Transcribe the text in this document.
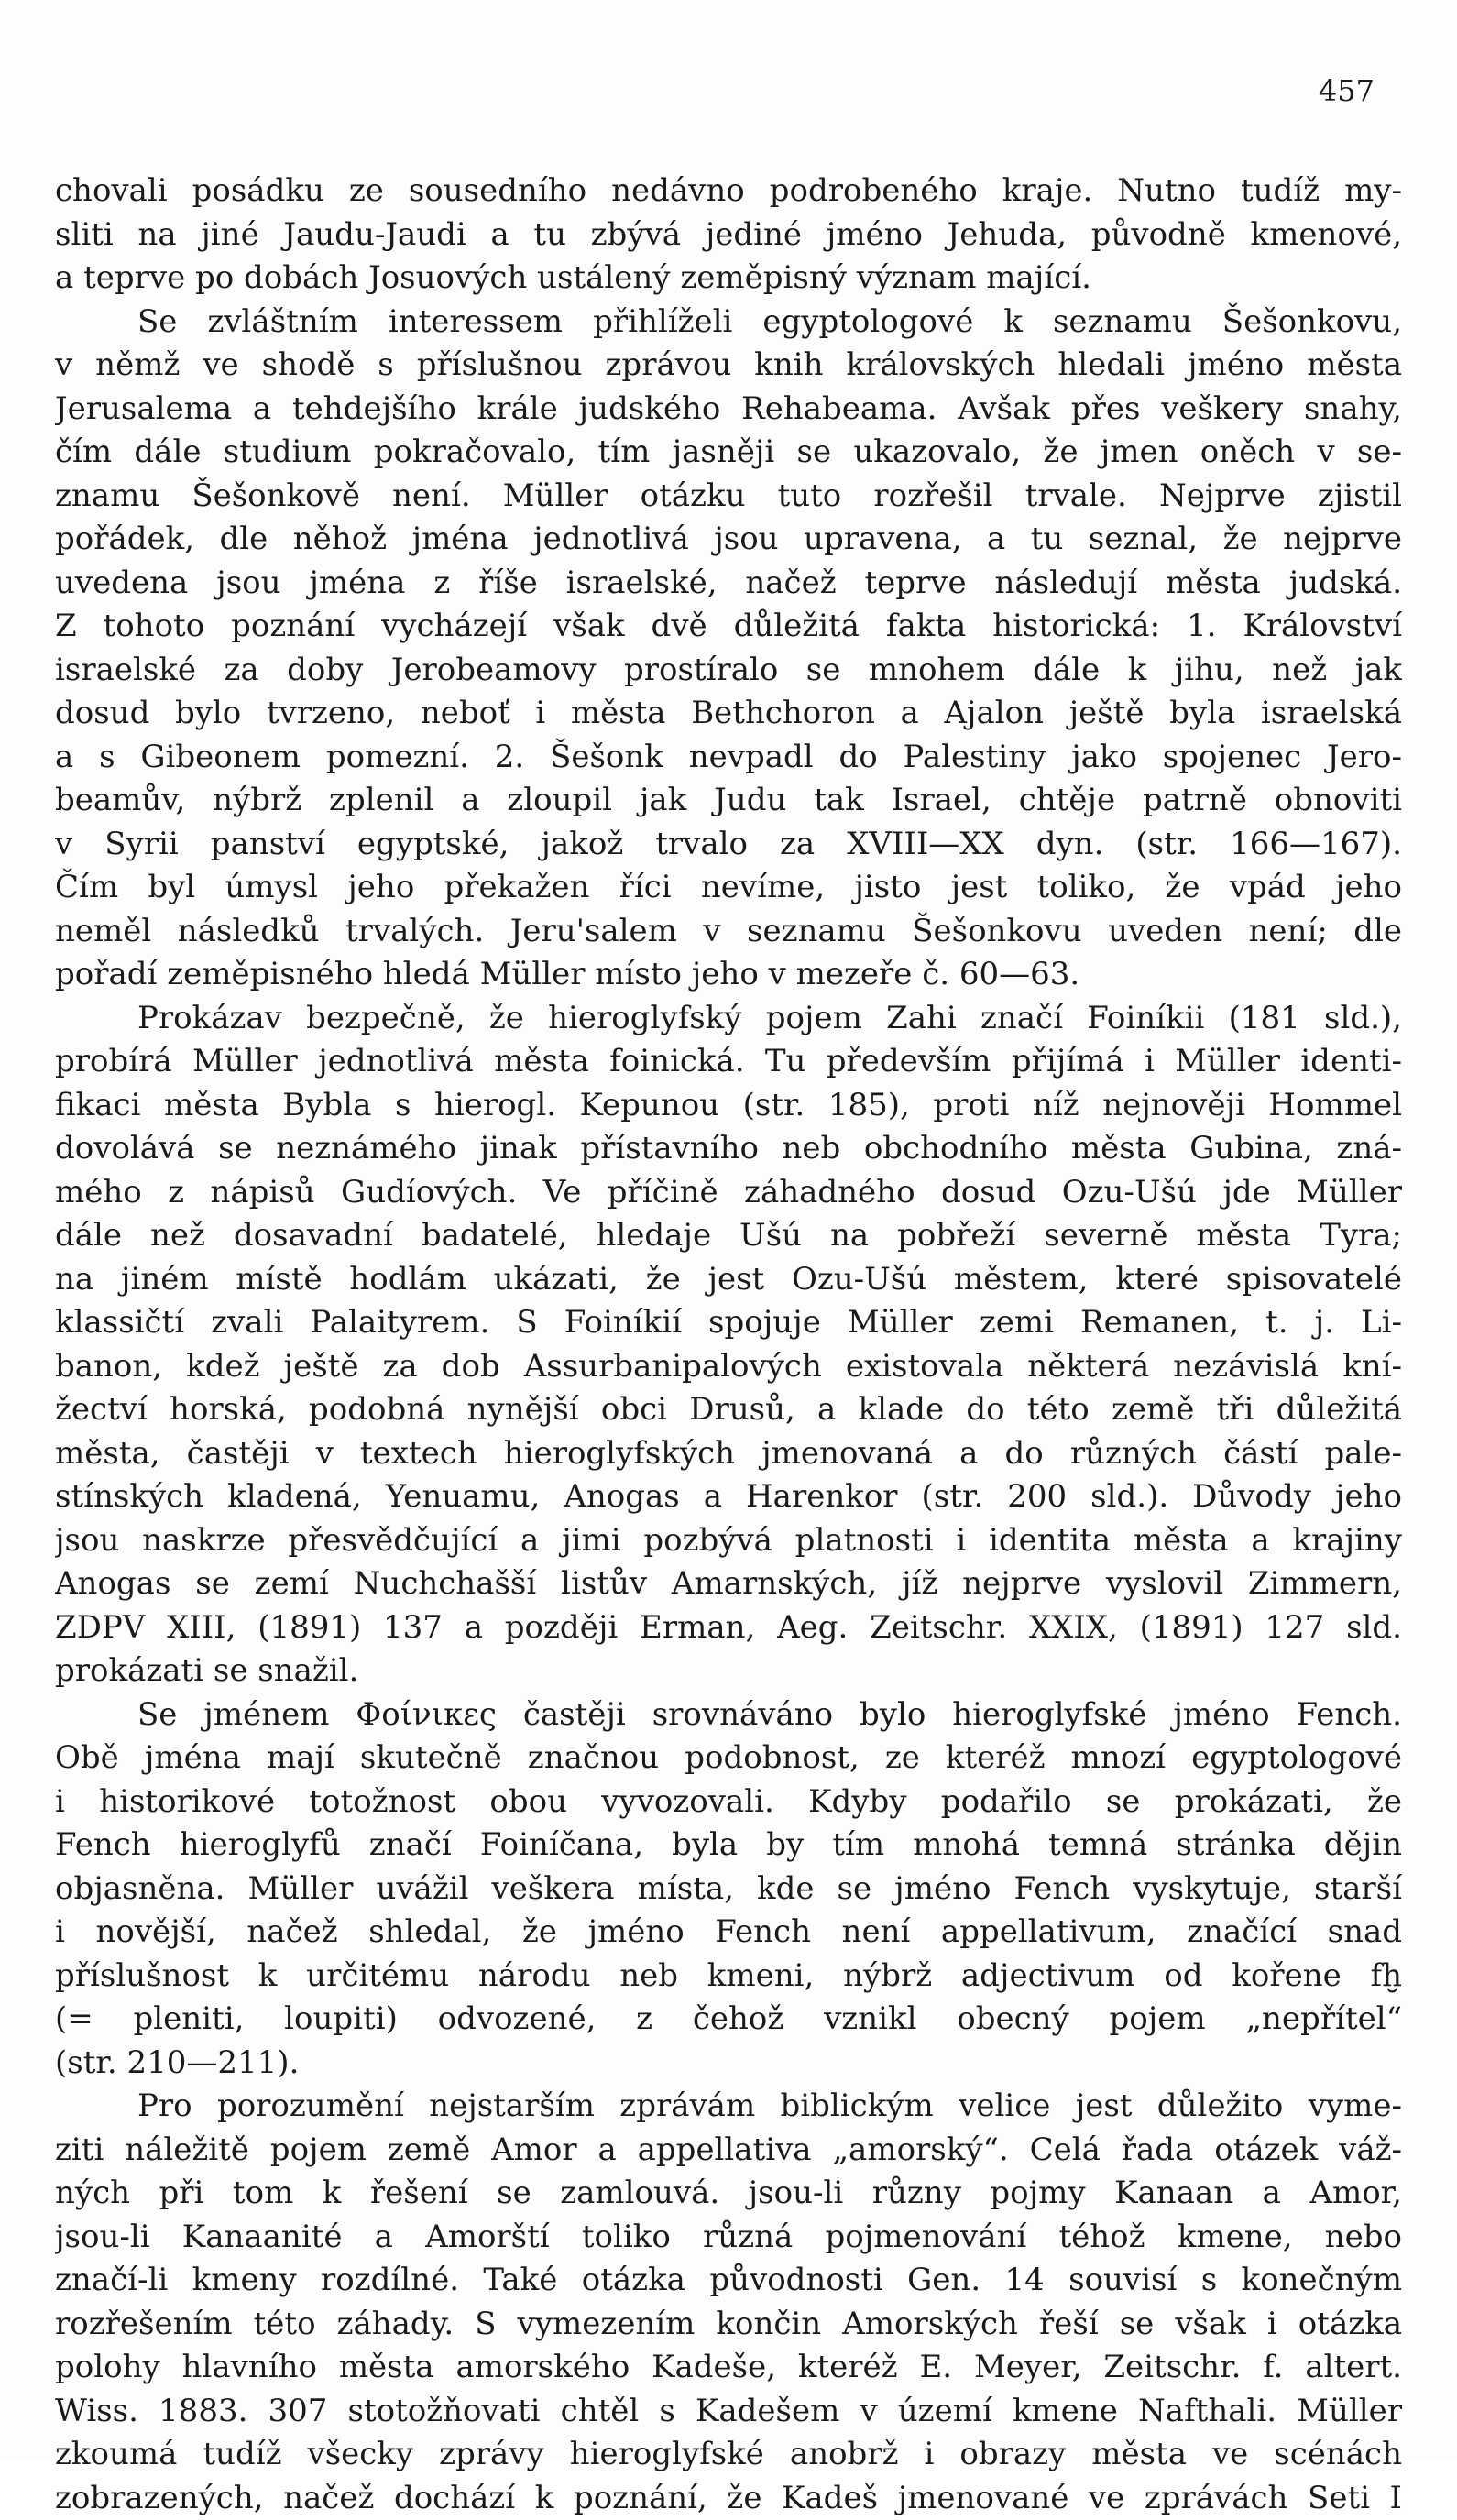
457
chovali posádku ze sousedního nedávno podrobeného kraje. Nutno tudíž my-
sliti na jiné Jaudu-Jaudi a tu zbývá jediné jméno Jehuda, původně kmenové,
a teprve po dobách Josuových ustálený zeměpisný význam mající.
Se zvláštním interessem přihlíželi egyptologové k seznamu Šešonkovu,
v němž ve shodě s příslušnou zprávou knih královských hledali jméno města
Jerusalema a tehdejšího krále judského Rehabeama. Avšak přes veškery snahy,
čím dále studium pokračovalo, tím jasněji se ukazovalo, že jmen oněch v se-
znamu Šešonkově není. Müller otázku tuto rozřešil trvale. Nejprve zjistil
pořádek, dle něhož jména jednotlivá jsou upravena, a tu seznal, že nejprve
uvedena jsou jména z říše israelské, načež teprve následují města judská.
Z tohoto poznání vycházejí však dvě důležitá fakta historická: 1. Království
israelské za doby Jerobeamovy prostíralo se mnohem dále k jihu, než jak
dosud bylo tvrzeno, neboť i města Bethchoron a Ajalon ještě byla israelská
a s Gibeonem pomezní. 2. Šešonk nevpadl do Palestiny jako spojenec Jero-
beamův, nýbrž zplenil a zloupil jak Judu tak Israel, chtěje patrně obnoviti
v Syrii panství egyptské, jakož trvalo za XVIII—XX dyn. (str. 166—167).
Čím byl úmysl jeho překažen říci nevíme, jisto jest toliko, že vpád jeho
neměl následků trvalých. Jeru'salem v seznamu Šešonkovu uveden není; dle
pořadí zeměpisného hledá Müller místo jeho v mezeře č. 60—63.
Prokázav bezpečně, že hieroglyfský pojem Zahi značí Foiníkii (181 sld.),
probírá Müller jednotlivá města foinická. Tu především přijímá i Müller identi-
fikaci města Bybla s hierogl. Kepunou (str. 185), proti níž nejnověji Hommel
dovolává se neznámého jinak přístavního neb obchodního města Gubina, zná-
mého z nápisů Gudíových. Ve příčině záhadného dosud Ozu-Ušú jde Müller
dále než dosavadní badatelé, hledaje Ušú na pobřeží severně města Tyra;
na jiném místě hodlám ukázati, že jest Ozu-Ušú městem, které spisovatelé
klassičtí zvali Palaityrem. S Foiníkií spojuje Müller zemi Remanen, t. j. Li-
banon, kdež ještě za dob Assurbanipalových existovala některá nezávislá kní-
žectví horská, podobná nynější obci Drusů, a klade do této země tři důležitá
města, častěji v textech hieroglyfských jmenovaná a do různých částí pale-
stínských kladená, Yenuamu, Anogas a Harenkor (str. 200 sld.). Důvody jeho
jsou naskrze přesvědčující a jimi pozbývá platnosti i identita města a krajiny
Anogas se zemí Nuchchašší listův Amarnských, jíž nejprve vyslovil Zimmern,
ZDPV XIII, (1891) 137 a později Erman, Aeg. Zeitschr. XXIX, (1891) 127 sld.
prokázati se snažil.
Se jménem Φοίνικες častěji srovnáváno bylo hieroglyfské jméno Fench.
Obě jména mají skutečně značnou podobnost, ze kteréž mnozí egyptologové
i historikové totožnost obou vyvozovali. Kdyby podařilo se prokázati, že
Fench hieroglyfů značí Foiníčana, byla by tím mnohá temná stránka dějin
objasněna. Müller uvážil veškera místa, kde se jméno Fench vyskytuje, starší
i novější, načež shledal, že jméno Fench není appellativum, značící snad
příslušnost k určitému národu neb kmeni, nýbrž adjectivum od kořene fḫ
(= pleniti, loupiti) odvozené, z čehož vznikl obecný pojem „nepřítel“
(str. 210—211).
Pro porozumění nejstarším zprávám biblickým velice jest důležito vyme-
ziti náležitě pojem země Amor a appellativa „amorský“. Celá řada otázek váž-
ných při tom k řešení se zamlouvá. jsou-li různy pojmy Kanaan a Amor,
jsou-li Kanaanité a Amorští toliko různá pojmenování téhož kmene, nebo
značí-li kmeny rozdílné. Také otázka původnosti Gen. 14 souvisí s konečným
rozřešením této záhady. S vymezením končin Amorských řeší se však i otázka
polohy hlavního města amorského Kadeše, kteréž E. Meyer, Zeitschr. f. altert.
Wiss. 1883. 307 stotožňovati chtěl s Kadešem v území kmene Nafthali. Müller
zkoumá tudíž všecky zprávy hieroglyfské anobrž i obrazy města ve scénách
zobrazených, načež dochází k poznání, že Kadeš jmenované ve zprávách Seti I
